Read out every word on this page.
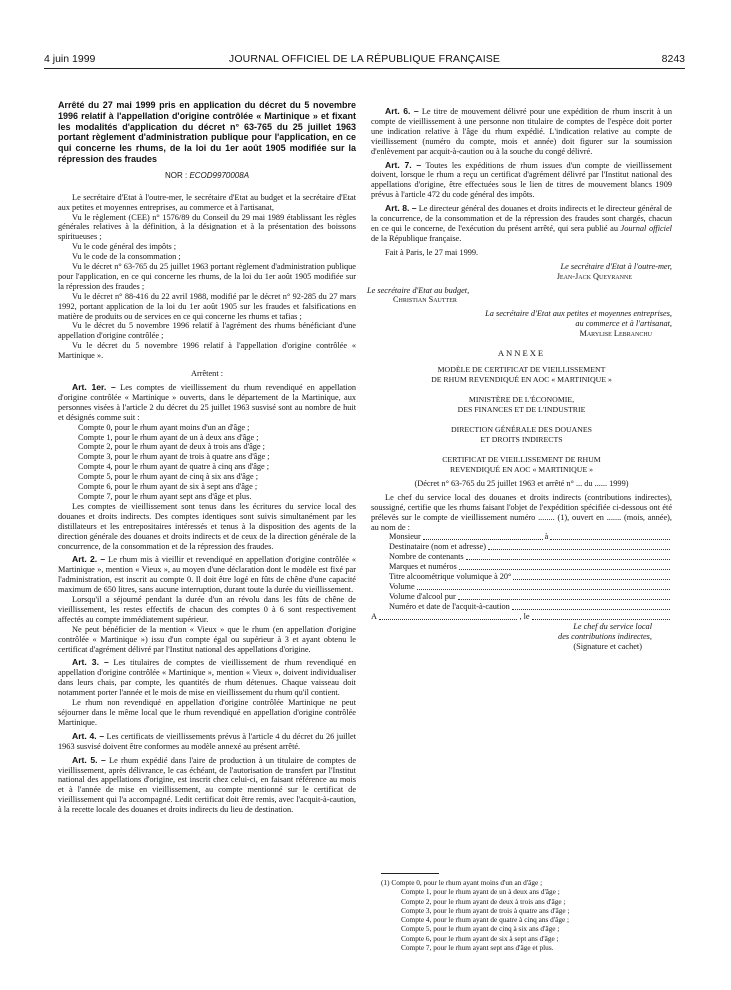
4 juin 1999	JOURNAL OFFICIEL DE LA RÉPUBLIQUE FRANÇAISE	8243
Arrêté du 27 mai 1999 pris en application du décret du 5 novembre 1996 relatif à l'appellation d'origine contrôlée « Martinique » et fixant les modalités d'application du décret n° 63-765 du 25 juillet 1963 portant règlement d'administration publique pour l'application, en ce qui concerne les rhums, de la loi du 1er août 1905 modifiée sur la répression des fraudes
NOR : ECOD9970008A

Le secrétaire d'Etat à l'outre-mer, le secrétaire d'Etat au budget et la secrétaire d'Etat aux petites et moyennes entreprises, au commerce et à l'artisanat,

Vu le règlement (CEE) n° 1576/89 du Conseil du 29 mai 1989 établissant les règles générales relatives à la définition, à la désignation et à la présentation des boissons spiritueuses ;

Vu le code général des impôts ;

Vu le code de la consommation ;

Vu le décret n° 63-765 du 25 juillet 1963 portant règlement d'administration publique pour l'application, en ce qui concerne les rhums, de la loi du 1er août 1905 modifiée sur la répression des fraudes ;

Vu le décret n° 88-416 du 22 avril 1988, modifié par le décret n° 92-285 du 27 mars 1992, portant application de la loi du 1er août 1905 sur les fraudes et falsifications en matière de produits ou de services en ce qui concerne les rhums et tafias ;

Vu le décret du 5 novembre 1996 relatif à l'agrément des rhums bénéficiant d'une appellation d'origine contrôlée ;

Vu le décret du 5 novembre 1996 relatif à l'appellation d'origine contrôlée « Martinique ».

Arrêtent :

Art. 1er. – Les comptes de vieillissement du rhum revendiqué en appellation d'origine contrôlée « Martinique » ouverts, dans le département de la Martinique, aux personnes visées à l'article 2 du décret du 25 juillet 1963 susvisé sont au nombre de huit et désignés comme suit :

Compte 0, pour le rhum ayant moins d'un an d'âge ;

Compte 1, pour le rhum ayant de un à deux ans d'âge ;

Compte 2, pour le rhum ayant de deux à trois ans d'âge ;

Compte 3, pour le rhum ayant de trois à quatre ans d'âge ;

Compte 4, pour le rhum ayant de quatre à cinq ans d'âge ;

Compte 5, pour le rhum ayant de cinq à six ans d'âge ;

Compte 6, pour le rhum ayant de six à sept ans d'âge ;

Compte 7, pour le rhum ayant sept ans d'âge et plus.

Les comptes de vieillissement sont tenus dans les écritures du service local des douanes et droits indirects. Des comptes identiques sont suivis simultanément par les distillateurs et les entrepositaires intéressés et tenus à la disposition des agents de la direction générale des douanes et droits indirects et de ceux de la direction générale de la concurrence, de la consommation et de la répression des fraudes.

Art. 2. – Le rhum mis à vieillir et revendiqué en appellation d'origine contrôlée « Martinique », mention « Vieux », au moyen d'une déclaration dont le modèle est fixé par l'administration, est inscrit au compte 0. Il doit être logé en fûts de chêne d'une capacité maximum de 650 litres, sans aucune interruption, durant toute la durée du vieillissement.

Lorsqu'il a séjourné pendant la durée d'un an révolu dans les fûts de chêne de vieillissement, les restes effectifs de chacun des comptes 0 à 6 sont respectivement affectés au compte immédiatement supérieur.

Ne peut bénéficier de la mention « Vieux » que le rhum (en appellation d'origine contrôlée « Martinique ») issu d'un compte égal ou supérieur à 3 et ayant obtenu le certificat d'agrément délivré par l'Institut national des appellations d'origine.

Art. 3. – Les titulaires de comptes de vieillissement de rhum revendiqué en appellation d'origine contrôlée « Martinique », mention « Vieux », doivent individualiser dans leurs chais, par compte, les quantités de rhum détenues. Chaque vaisseau doit notamment porter l'année et le mois de mise en vieillissement du rhum qu'il contient.

Le rhum non revendiqué en appellation d'origine contrôlée Martinique ne peut séjourner dans le même local que le rhum revendiqué en appellation d'origine contrôlée Martinique.

Art. 4. – Les certificats de vieillissements prévus à l'article 4 du décret du 26 juillet 1963 susvisé doivent être conformes au modèle annexé au présent arrêté.

Art. 5. – Le rhum expédié dans l'aire de production à un titulaire de comptes de vieillissement, après délivrance, le cas échéant, de l'autorisation de transfert par l'Institut national des appellations d'origine, est inscrit chez celui-ci, en faisant référence au mois et à l'année de mise en vieillissement, au compte mentionné sur le certificat de vieillissement qui l'a accompagné. Ledit certificat doit être remis, avec l'acquit-à-caution, à la recette locale des douanes et droits indirects du lieu de destination.

Art. 6. – Le titre de mouvement délivré pour une expédition de rhum inscrit à un compte de vieillissement à une personne non titulaire de comptes de l'espèce doit porter une indication relative à l'âge du rhum expédié. L'indication relative au compte de vieillissement (numéro du compte, mois et année) doit figurer sur la soumission d'enlèvement par acquit-à-caution ou à la souche du congé délivré.

Art. 7. – Toutes les expéditions de rhum issues d'un compte de vieillissement doivent, lorsque le rhum a reçu un certificat d'agrément délivré par l'Institut national des appellations d'origine, être effectuées sous le lien de titres de mouvement blancs 1909 prévus à l'article 472 du code général des impôts.

Art. 8. – Le directeur général des douanes et droits indirects et le directeur général de la concurrence, de la consommation et de la répression des fraudes sont chargés, chacun en ce qui le concerne, de l'exécution du présent arrêté, qui sera publié au Journal officiel de la République française.

Fait à Paris, le 27 mai 1999.

Le secrétaire d'Etat à l'outre-mer,

Jean-Jack Queyranne

Le secrétaire d'Etat au budget,

Christian Sautter

La secrétaire d'Etat aux petites et moyennes entreprises, au commerce et à l'artisanat,

Marylise Lebranchu

ANNEXE
MODÈLE DE CERTIFICAT DE VIEILLISSEMENT
DE RHUM REVENDIQUÉ EN AOC « MARTINIQUE »
MINISTÈRE DE L'ÉCONOMIE,
DES FINANCES ET DE L'INDUSTRIE
DIRECTION GÉNÉRALE DES DOUANES
ET DROITS INDIRECTS
CERTIFICAT DE VIEILLISSEMENT DE RHUM
REVENDIQUÉ EN AOC « MARTINIQUE »

(Décret n° 63-765 du 25 juillet 1963 et arrêté n° ... du ...... 1999)

Le chef du service local des douanes et droits indirects (contributions indirectes), soussigné, certifie que les rhums faisant l'objet de l'expédition spécifiée ci-dessous ont été prélevés sur le compte de vieillissement numéro ........ (1), ouvert en ....... (mois, année), au nom de :

Monsieur	à
Destinataire (nom et adresse)
Nombre de contenants
Marques et numéros
Titre alcoométrique volumique à 20°
Volume
Volume d'alcool pur
Numéro et date de l'acquit-à-caution
A	, le

Le chef du service local

des contributions indirectes,

(Signature et cachet)

(1) Compte 0, pour le rhum ayant moins d'un an d'âge ;
Compte 1, pour le rhum ayant de un à deux ans d'âge ;
Compte 2, pour le rhum ayant de deux à trois ans d'âge ;
Compte 3, pour le rhum ayant de trois à quatre ans d'âge ;
Compte 4, pour le rhum ayant de quatre à cinq ans d'âge ;
Compte 5, pour le rhum ayant de cinq à six ans d'âge ;
Compte 6, pour le rhum ayant de six à sept ans d'âge ;
Compte 7, pour le rhum ayant sept ans d'âge et plus.
